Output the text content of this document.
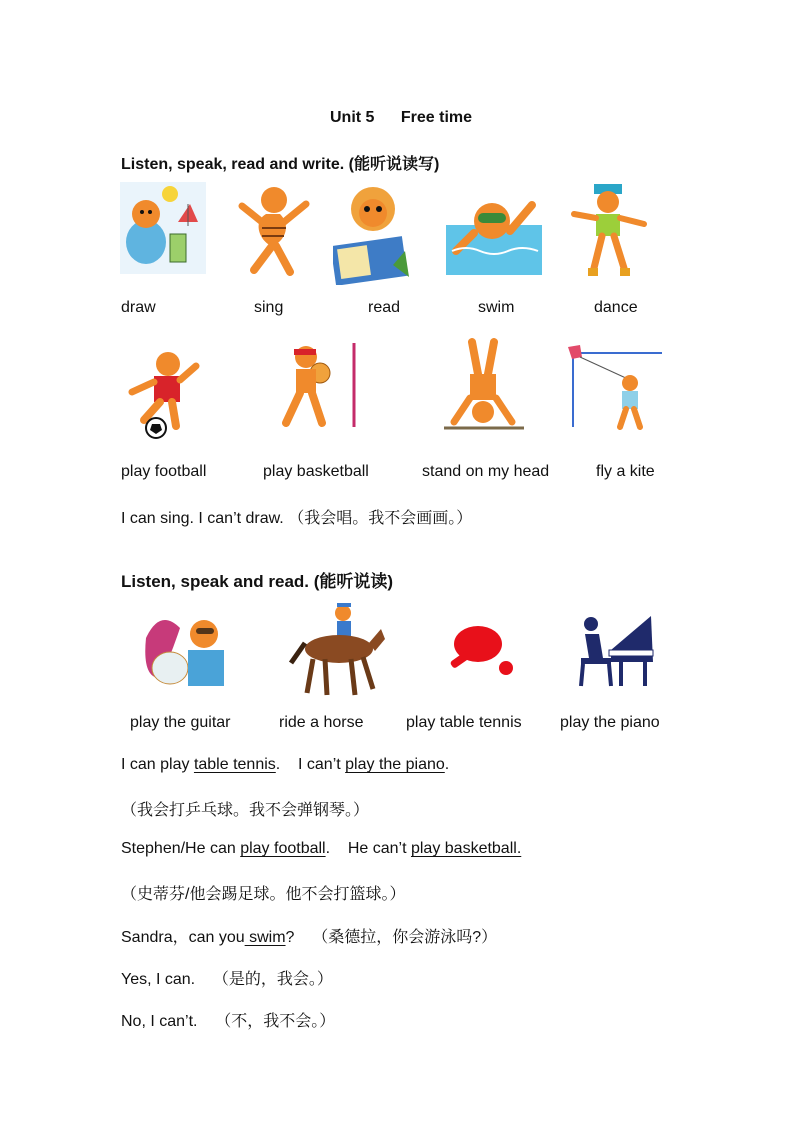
Unit 5 Free time
Listen, speak, read and write. (能听说读写)
draw	sing	read	swim	dance
play football	play basketball	stand on my head	fly a kite
I can sing. I can’t draw. （我会唱。我不会画画。）
Listen, speak and read. (能听说读)
play the guitar	ride a horse	play table tennis play the piano
I can play table tennis.    I can’t play the piano.
（我会打乒乓球。我不会弹钢琴。）
Stephen/He can play football.    He can’t play basketball.
（史蒂芬/他会踢足球。他不会打篮球。）
Sandra，can you swim?    （桑德拉，你会游泳吗?）
Yes, I can.    （是的，我会。）
No, I can’t.    （不，我不会。）
